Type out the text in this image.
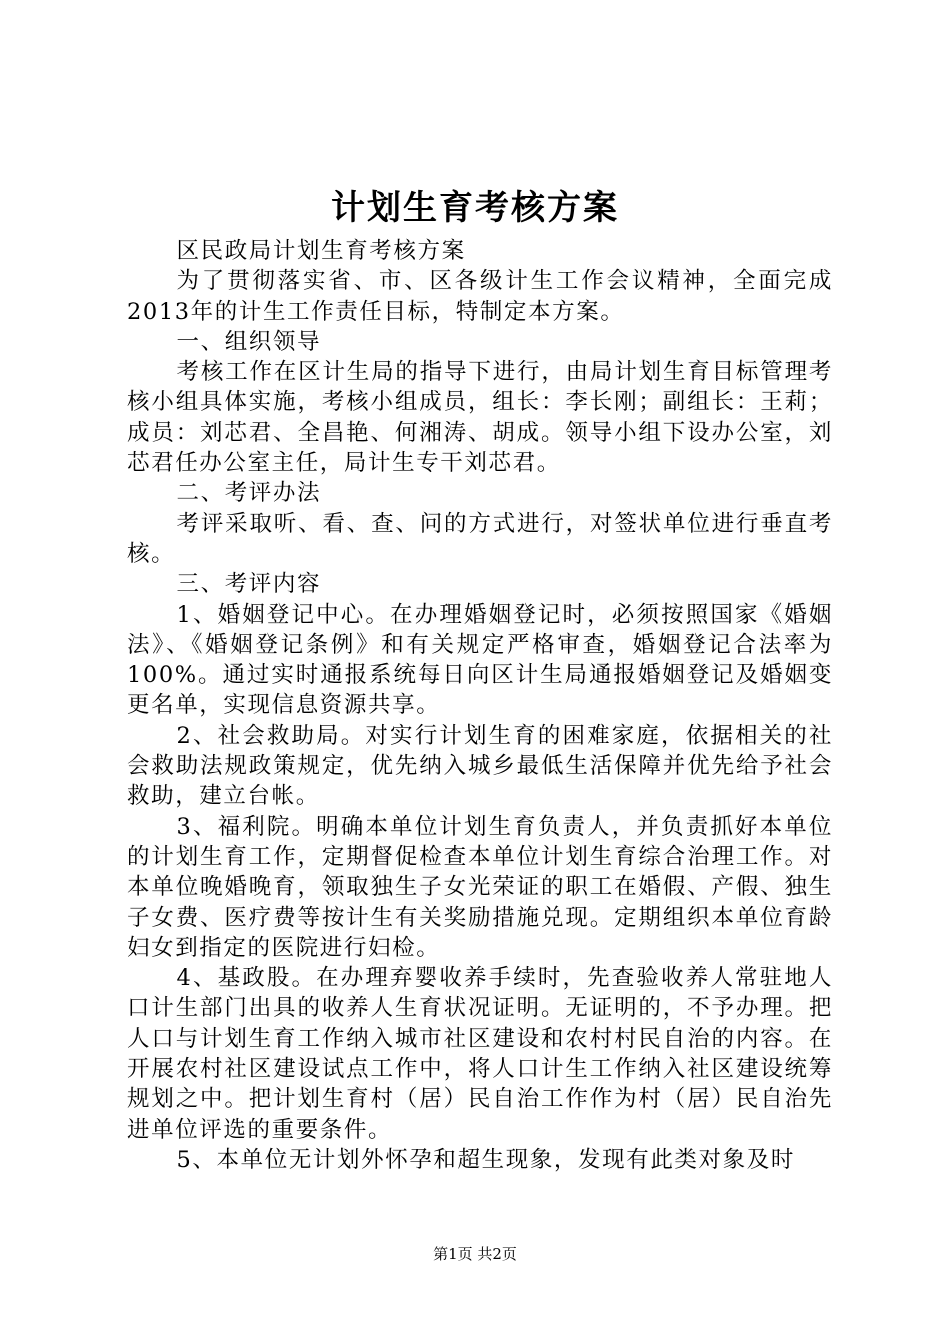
计划生育考核方案

区民政局计划生育考核方案

为了贯彻落实省、市、区各级计生工作会议精神，全面完成2013年的计生工作责任目标，特制定本方案。

一、组织领导

考核工作在区计生局的指导下进行，由局计划生育目标管理考核小组具体实施，考核小组成员，组长：李长刚；副组长：王莉；成员：刘芯君、全昌艳、何湘涛、胡成。领导小组下设办公室，刘芯君任办公室主任，局计生专干刘芯君。

二、考评办法

考评采取听、看、查、问的方式进行，对签状单位进行垂直考核。

三、考评内容

1、婚姻登记中心。在办理婚姻登记时，必须按照国家《婚姻法》、《婚姻登记条例》和有关规定严格审查，婚姻登记合法率为100%。通过实时通报系统每日向区计生局通报婚姻登记及婚姻变更名单，实现信息资源共享。

2、社会救助局。对实行计划生育的困难家庭，依据相关的社会救助法规政策规定，优先纳入城乡最低生活保障并优先给予社会救助，建立台帐。

3、福利院。明确本单位计划生育负责人，并负责抓好本单位的计划生育工作，定期督促检查本单位计划生育综合治理工作。对本单位晚婚晚育，领取独生子女光荣证的职工在婚假、产假、独生子女费、医疗费等按计生有关奖励措施兑现。定期组织本单位育龄妇女到指定的医院进行妇检。

4、基政股。在办理弃婴收养手续时，先查验收养人常驻地人口计生部门出具的收养人生育状况证明。无证明的，不予办理。把人口与计划生育工作纳入城市社区建设和农村村民自治的内容。在开展农村社区建设试点工作中，将人口计生工作纳入社区建设统筹规划之中。把计划生育村（居）民自治工作作为村（居）民自治先进单位评选的重要条件。

5、本单位无计划外怀孕和超生现象，发现有此类对象及时

第1页 共2页
